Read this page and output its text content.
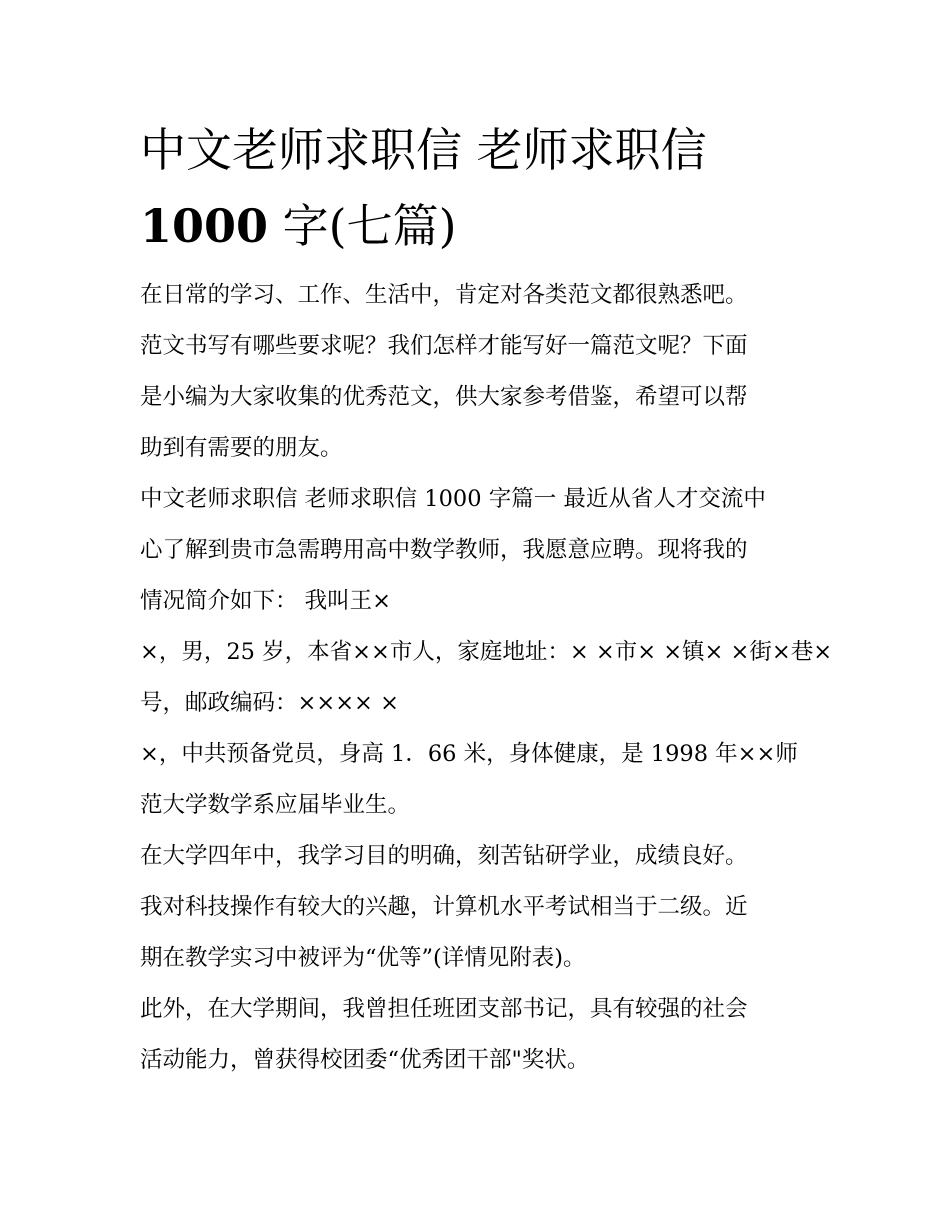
中文老师求职信 老师求职信
1000 字(七篇)
在日常的学习、工作、生活中，肯定对各类范文都很熟悉吧。
范文书写有哪些要求呢？我们怎样才能写好一篇范文呢？下面
是小编为大家收集的优秀范文，供大家参考借鉴，希望可以帮
助到有需要的朋友。
中文老师求职信 老师求职信 1000 字篇一 最近从省人才交流中
心了解到贵市急需聘用高中数学教师，我愿意应聘。现将我的
情况简介如下： 我叫王×
×，男，25 岁，本省××市人，家庭地址：× ×市× ×镇× ×街×巷×
号，邮政编码：×××× ×
×，中共预备党员，身高 1．66 米，身体健康，是 1998 年××师
范大学数学系应届毕业生。
在大学四年中，我学习目的明确，刻苦钻研学业，成绩良好。
我对科技操作有较大的兴趣，计算机水平考试相当于二级。近
期在教学实习中被评为“优等”(详情见附表)。
此外，在大学期间，我曾担任班团支部书记，具有较强的社会
活动能力，曾获得校团委“优秀团干部"奖状。
